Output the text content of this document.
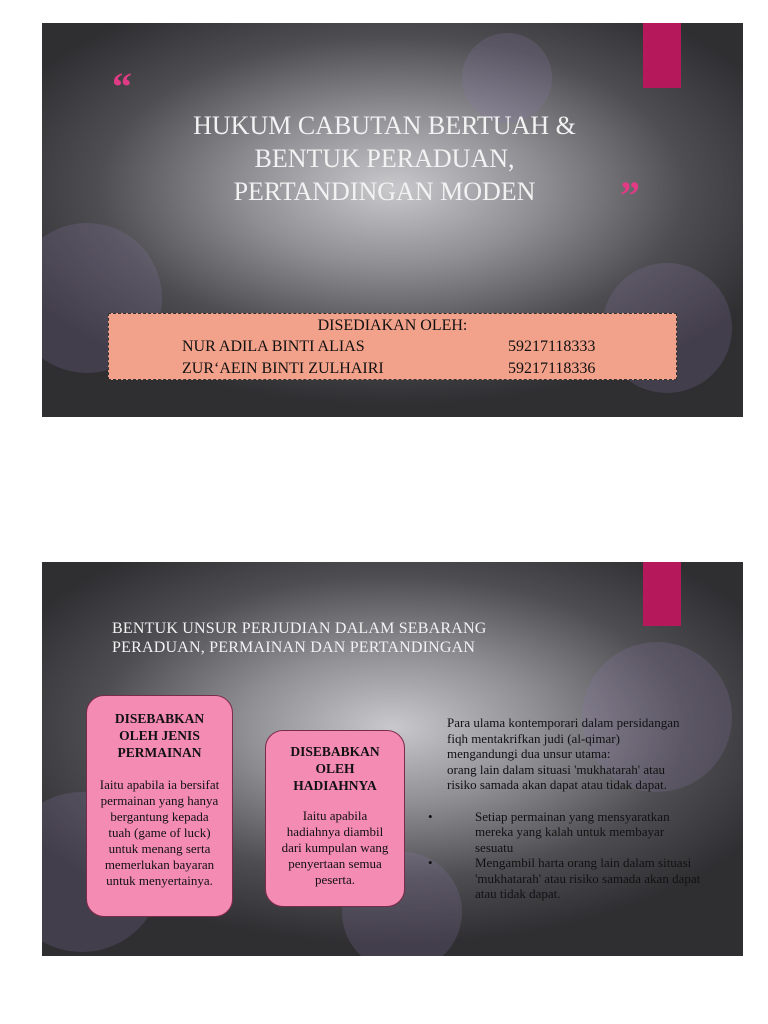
“
HUKUM CABUTAN BERTUAH &
BENTUK PERADUAN,
PERTANDINGAN MODEN	”
DISEDIAKAN OLEH:
NUR ADILA BINTI ALIAS	59217118333
ZUR‘AEIN BINTI ZULHAIRI	59217118336
BENTUK UNSUR PERJUDIAN DALAM SEBARANG
PERADUAN, PERMAINAN DAN PERTANDINGAN
DISEBABKAN
OLEH JENIS
PERMAINAN
Iaitu apabila ia bersifat
permainan yang hanya
bergantung kepada
tuah (game of luck)
untuk menang serta
memerlukan bayaran
untuk menyertainya.
DISEBABKAN
OLEH
HADIAHNYA
Iaitu apabila
hadiahnya diambil
dari kumpulan wang
penyertaan semua
peserta.

Para ulama kontemporari dalam persidangan
fiqh mentakrifkan judi (al-qimar)
mengandungi dua unsur utama:
orang lain dalam situasi 'mukhatarah' atau
risiko samada akan dapat atau tidak dapat.

• Setiap permainan yang mensyaratkan
mereka yang kalah untuk membayar
sesuatu
• Mengambil harta orang lain dalam situasi
'mukhatarah' atau risiko samada akan dapat
atau tidak dapat.
